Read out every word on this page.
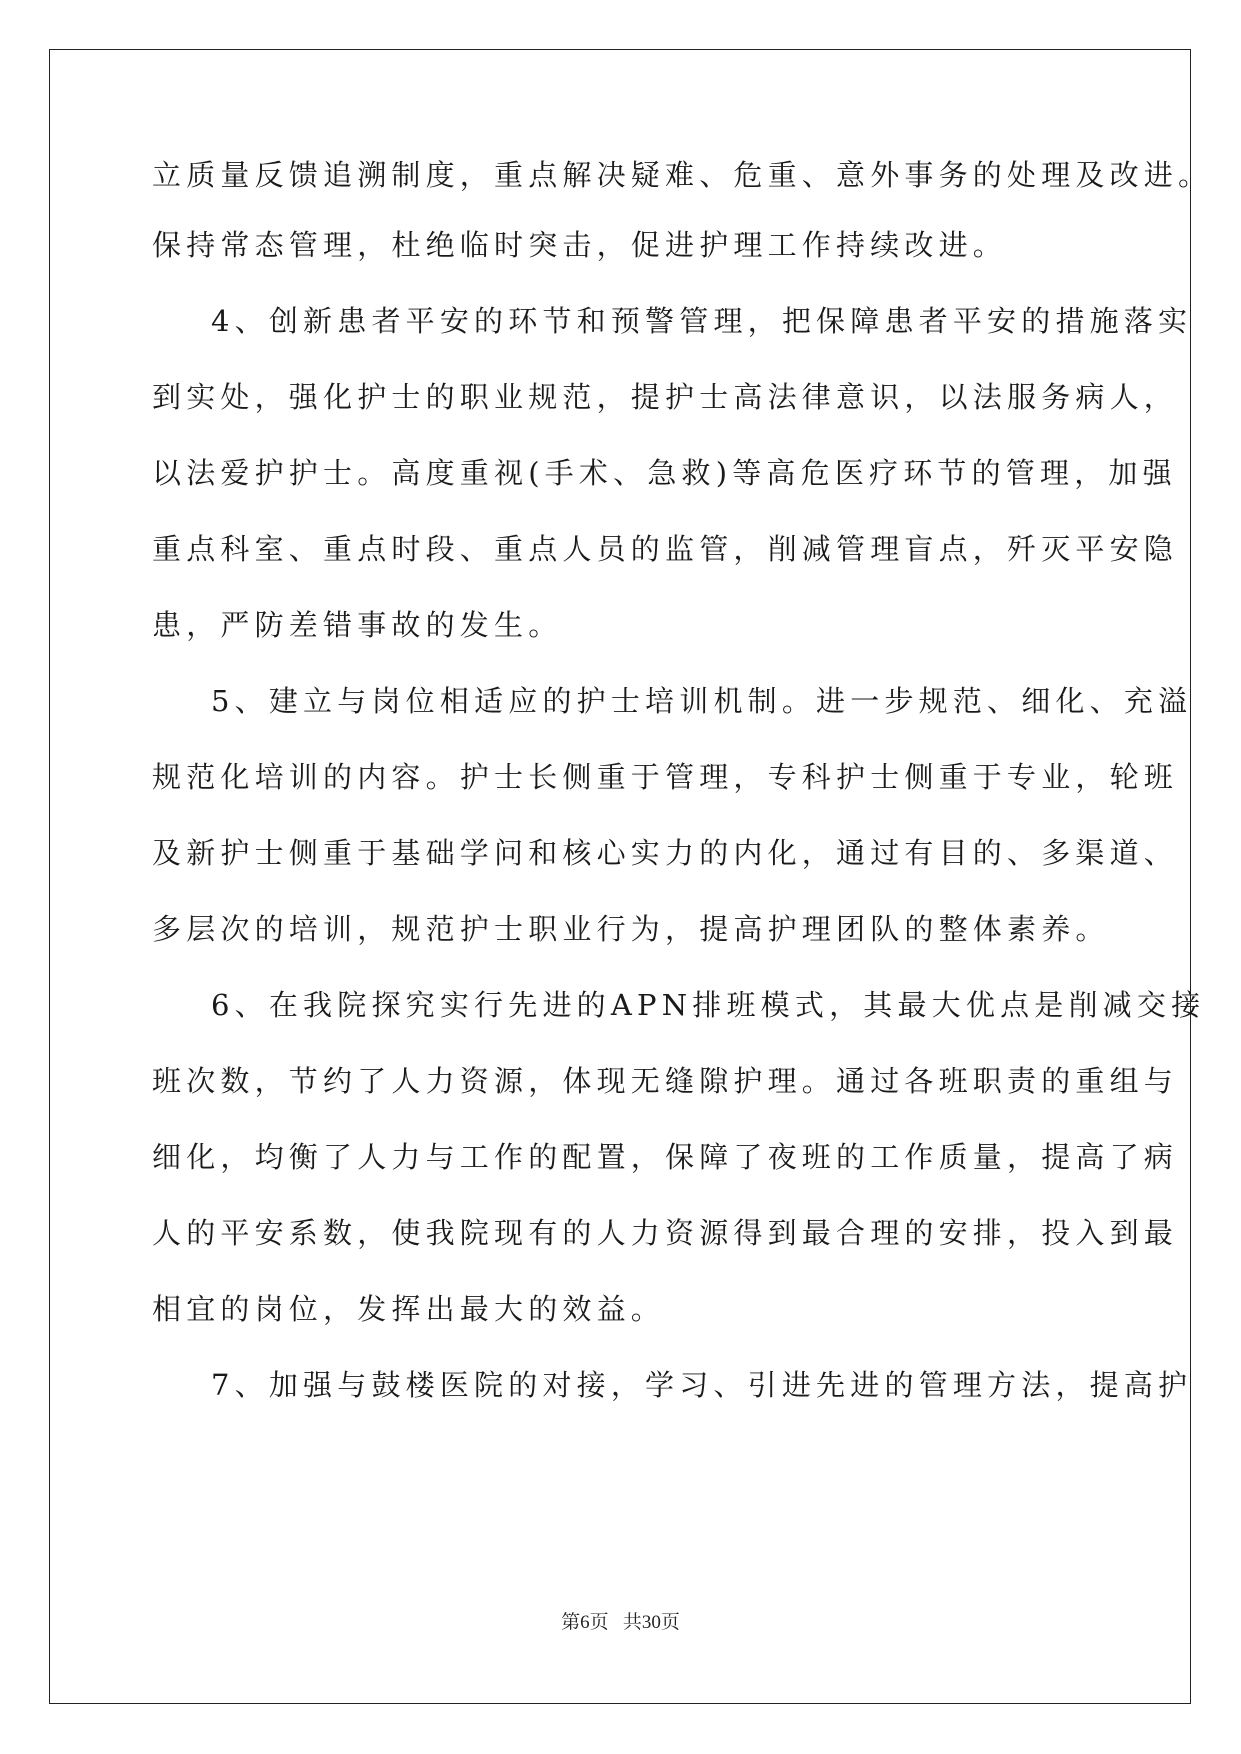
立质量反馈追溯制度，重点解决疑难、危重、意外事务的处理及改进。
保持常态管理，杜绝临时突击，促进护理工作持续改进。
4、创新患者平安的环节和预警管理，把保障患者平安的措施落实
到实处，强化护士的职业规范，提护士高法律意识，以法服务病人，
以法爱护护士。高度重视(手术、急救)等高危医疗环节的管理，加强
重点科室、重点时段、重点人员的监管，削减管理盲点，歼灭平安隐
患，严防差错事故的发生。
5、建立与岗位相适应的护士培训机制。进一步规范、细化、充溢
规范化培训的内容。护士长侧重于管理，专科护士侧重于专业，轮班
及新护士侧重于基础学问和核心实力的内化，通过有目的、多渠道、
多层次的培训，规范护士职业行为，提高护理团队的整体素养。
6、在我院探究实行先进的APN排班模式，其最大优点是削减交接
班次数，节约了人力资源，体现无缝隙护理。通过各班职责的重组与
细化，均衡了人力与工作的配置，保障了夜班的工作质量，提高了病
人的平安系数，使我院现有的人力资源得到最合理的安排，投入到最
相宜的岗位，发挥出最大的效益。
7、加强与鼓楼医院的对接，学习、引进先进的管理方法，提高护
第6页 共30页
